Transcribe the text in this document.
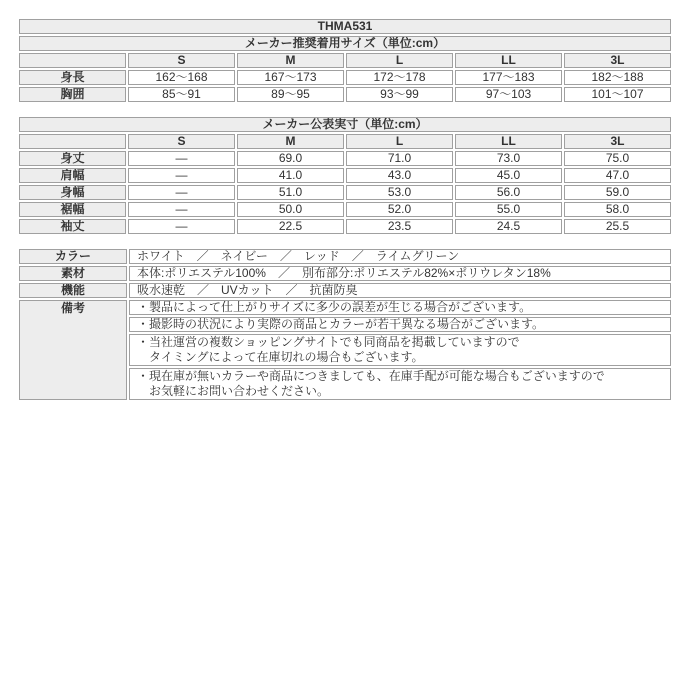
THMA531					
メーカー推奨着用サイズ（単位:cm）					
	S	M	L	LL	3L
身長	162～168	167～173	172～178	177～183	182～188
胸囲	85～91	89～95	93～99	97～103	101～107
メーカー公表実寸（単位:cm）					
	S	M	L	LL	3L
身丈	―	69.0	71.0	73.0	75.0
肩幅	―	41.0	43.0	45.0	47.0
身幅	―	51.0	53.0	56.0	59.0
裾幅	―	50.0	52.0	55.0	58.0
袖丈	―	22.5	23.5	24.5	25.5
カラー	ホワイト　／　ネイビー　／　レッド　／　ライムグリーン
素材	本体:ポリエステル100%　／　別布部分:ポリエステル82%×ポリウレタン18%
機能	吸水速乾　／　UVカット　／　抗菌防臭
備考	・製品によって仕上がりサイズに多少の誤差が生じる場合がございます。
	・撮影時の状況により実際の商品とカラーが若干異なる場合がございます。

	・当社運営の複数ショッピングサイトでも同商品を掲載していますので
　タイミングによって在庫切れの場合もございます。

	・現在庫が無いカラーや商品につきましても、在庫手配が可能な場合もございますので
　お気軽にお問い合わせください。
